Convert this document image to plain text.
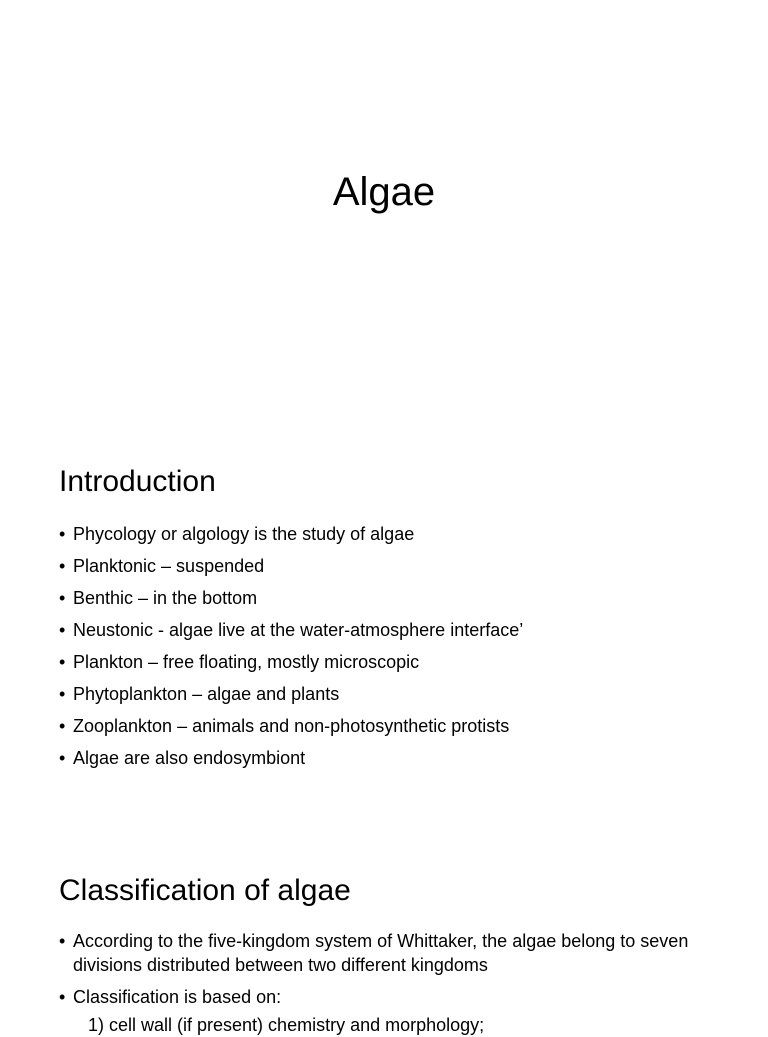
Algae
Introduction
• Phycology or algology is the study of algae
• Planktonic – suspended
• Benthic – in the bottom
• Neustonic - algae live at the water-atmosphere interface’
• Plankton – free floating, mostly microscopic
• Phytoplankton – algae and plants
• Zooplankton – animals and non-photosynthetic protists
• Algae are also endosymbiont
Classification of algae
• According to the five-kingdom system of Whittaker, the algae belong to seven divisions distributed between two different kingdoms
• Classification is based on:
1) cell wall (if present) chemistry and morphology;
